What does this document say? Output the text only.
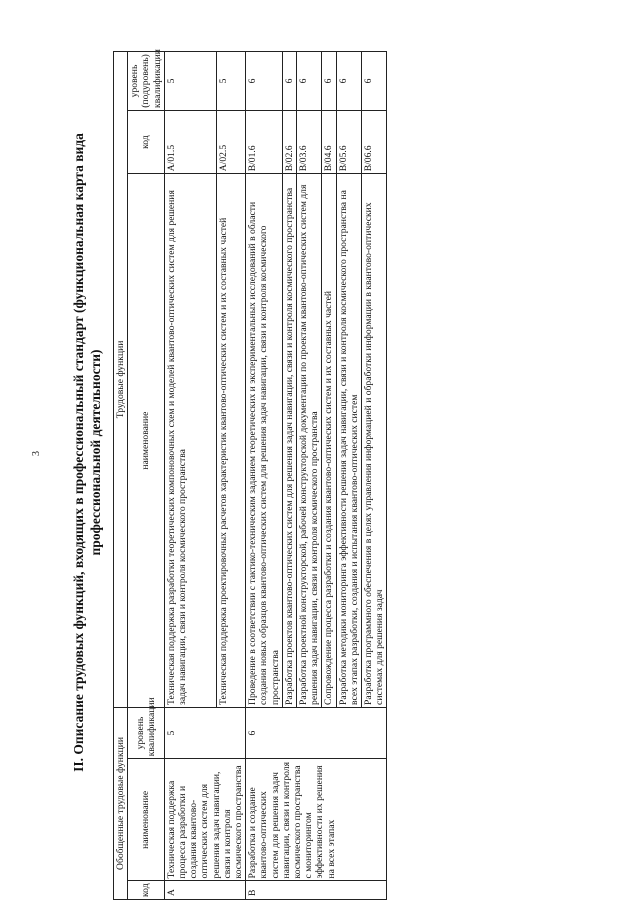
3 II. Описание трудовых функций, входящих в профессиональный стандарт (функциональная карта вида профессиональной деятельности)
Обобщенные трудовые функции			Трудовые функции		
код	наименование	уровень квалификации	наименование	код	уровень (подуровень) квалификации
A	Техническая поддержка процесса разработки и создания квантово-оптических систем для решения задач навигации, связи и контроля космического пространства	5	Техническая поддержка разработки теоретических компоновочных схем и моделей квантово-оптических систем для решения задач навигации, связи и контроля космического пространства	A/01.5	5
			Техническая поддержка проектировочных расчетов характеристик квантово-оптических систем и их составных частей	A/02.5	5
B	Разработка и создание квантово-оптических систем для решения задач навигации, связи и контроля космического пространства с мониторингом эффективности их решения на всех этапах	6	Проведение в соответствии с тактико-техническим заданием теоретических и экспериментальных исследований в области создания новых образцов квантово-оптических систем для решения задач навигации, связи и контроля космического пространства	B/01.6	6
			Разработка проектов квантово-оптических систем для решения задач навигации, связи и контроля космического пространства	B/02.6	6
			Разработка проектной конструкторской, рабочей конструкторской документации по проектам квантово-оптических систем для решения задач навигации, связи и контроля космического пространства	B/03.6	6
			Сопровождение процесса разработки и создания квантово-оптических систем и их составных частей	B/04.6	6
			Разработка методики мониторинга эффективности решения задач навигации, связи и контроля космического пространства на всех этапах разработки, создания и испытания квантово-оптических систем	B/05.6	6
			Разработка программного обеспечения в целях управления информацией и обработки информации в квантово-оптических системах для решения задач	B/06.6	6
